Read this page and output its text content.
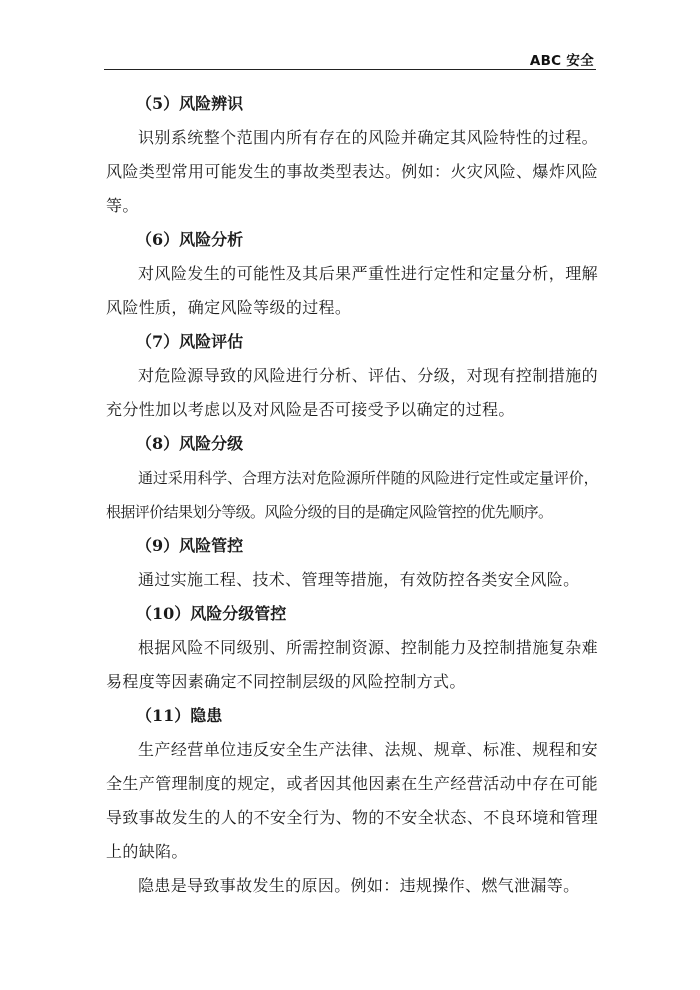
ABC 安全
（5）风险辨识

识别系统整个范围内所有存在的风险并确定其风险特性的过程。风险类型常用可能发生的事故类型表达。例如：火灾风险、爆炸风险等。

（6）风险分析

对风险发生的可能性及其后果严重性进行定性和定量分析，理解风险性质，确定风险等级的过程。

（7）风险评估

对危险源导致的风险进行分析、评估、分级，对现有控制措施的充分性加以考虑以及对风险是否可接受予以确定的过程。

（8）风险分级

通过采用科学、合理方法对危险源所伴随的风险进行定性或定量评价，根据评价结果划分等级。风险分级的目的是确定风险管控的优先顺序。

（9）风险管控

通过实施工程、技术、管理等措施，有效防控各类安全风险。

（10）风险分级管控

根据风险不同级别、所需控制资源、控制能力及控制措施复杂难易程度等因素确定不同控制层级的风险控制方式。

（11）隐患

生产经营单位违反安全生产法律、法规、规章、标准、规程和安全生产管理制度的规定，或者因其他因素在生产经营活动中存在可能导致事故发生的人的不安全行为、物的不安全状态、不良环境和管理上的缺陷。

隐患是导致事故发生的原因。例如：违规操作、燃气泄漏等。
